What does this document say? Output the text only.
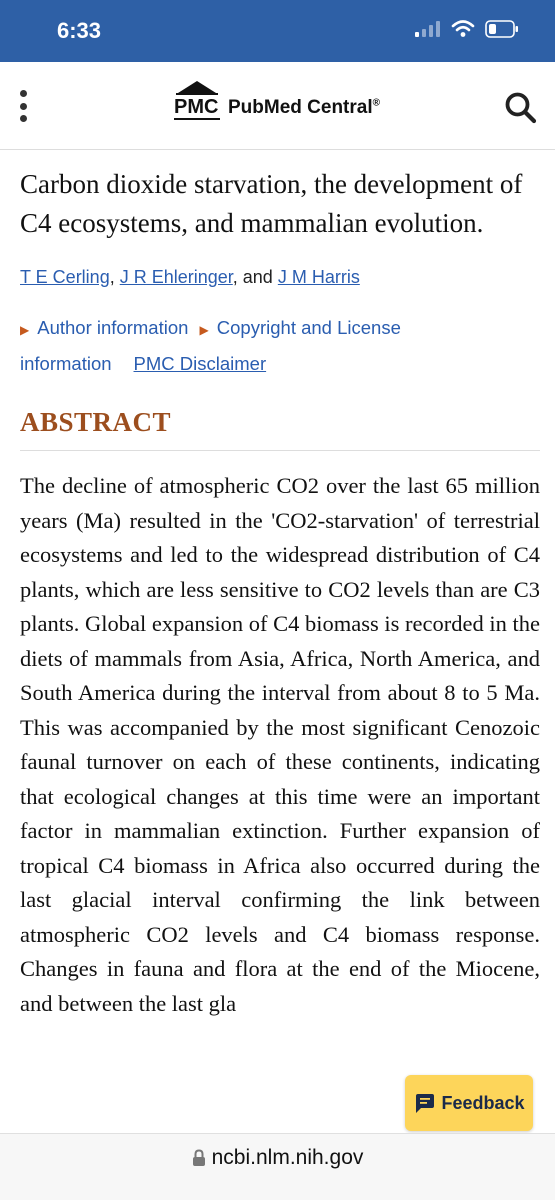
6:33
PMC PubMed Central®
Carbon dioxide starvation, the development of C4 ecosystems, and mammalian evolution.
T E Cerling, J R Ehleringer, and J M Harris
▶ Author information ▶ Copyright and License
information PMC Disclaimer
ABSTRACT

The decline of atmospheric CO2 over the last 65 million years (Ma) resulted in the 'CO2-starvation' of terrestrial ecosystems and led to the widespread distribution of C4 plants, which are less sensitive to CO2 levels than are C3 plants. Global expansion of C4 biomass is recorded in the diets of mammals from Asia, Africa, North America, and South America during the interval from about 8 to 5 Ma. This was accompanied by the most significant Cenozoic faunal turnover on each of these continents, indicating that ecological changes at this time were an important factor in mammalian extinction. Further expansion of tropical C4 biomass in Africa also occurred during the last glacial interval confirming the link between atmospheric CO2 levels and C4 biomass response. Changes in fauna and flora at the end of the Miocene, and between the last gla

Feedback
ncbi.nlm.nih.gov
